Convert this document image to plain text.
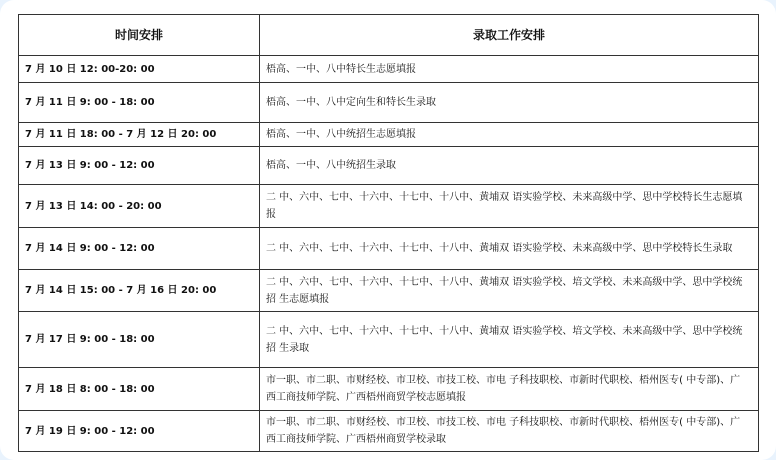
时间安排	录取工作安排
7 月 10 日 12: 00-20: 00	梧高、一中、八中特长生志愿填报
7 月 11 日 9: 00 - 18: 00	梧高、一中、八中定向生和特长生录取
7 月 11 日 18: 00 - 7 月 12 日 20: 00	梧高、一中、八中统招生志愿填报
7 月 13 日 9: 00 - 12: 00	梧高、一中、八中统招生录取
7 月 13 日 14: 00 - 20: 00	二 中、六中、七中、十六中、十七中、十八中、黄埔双 语实验学校、未来高级中学、思中学校特长生志愿填报
7 月 14 日 9: 00 - 12: 00	二 中、六中、七中、十六中、十七中、十八中、黄埔双 语实验学校、未来高级中学、思中学校特长生录取
7 月 14 日 15: 00 - 7 月 16 日 20: 00	二 中、六中、七中、十六中、十七中、十八中、黄埔双 语实验学校、培文学校、未来高级中学、思中学校统招 生志愿填报
7 月 17 日 9: 00 - 18: 00	二 中、六中、七中、十六中、十七中、十八中、黄埔双 语实验学校、培文学校、未来高级中学、思中学校统招 生录取
7 月 18 日 8: 00 - 18: 00	市一职、市二职、市财经校、市卫校、市技工校、市电 子科技职校、市新时代职校、梧州医专( 中专部)、广 西工商技师学院、广西梧州商贸学校志愿填报
7 月 19 日 9: 00 - 12: 00	市一职、市二职、市财经校、市卫校、市技工校、市电 子科技职校、市新时代职校、梧州医专( 中专部)、广 西工商技师学院、广西梧州商贸学校录取
